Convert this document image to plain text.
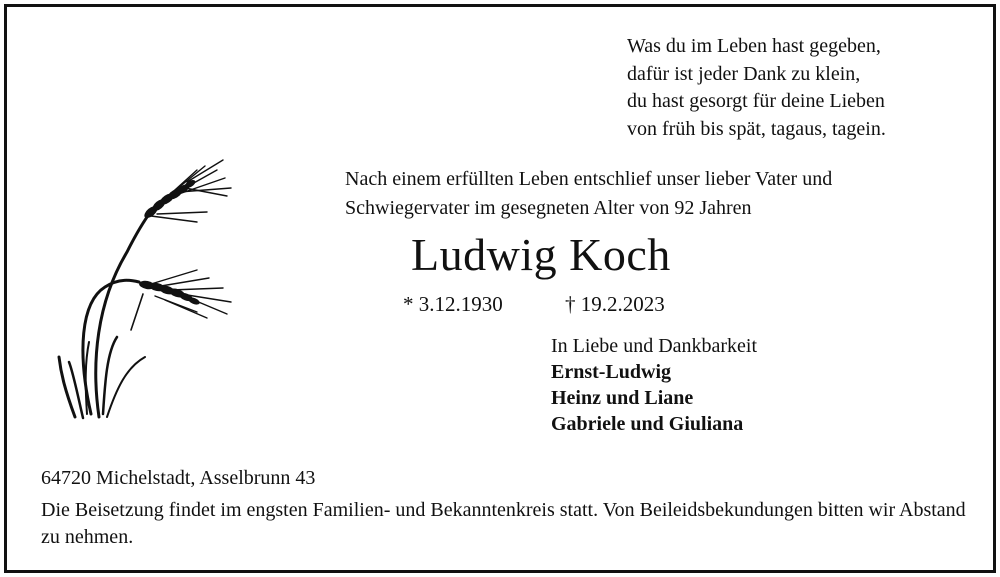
Was du im Leben hast gegeben,
dafür ist jeder Dank zu klein,
du hast gesorgt für deine Lieben
von früh bis spät, tagaus, tagein.
Nach einem erfüllten Leben entschlief unser lieber Vater und
Schwiegervater im gesegneten Alter von 92 Jahren
Ludwig Koch
* 3.12.1930	† 19.2.2023
In Liebe und Dankbarkeit
Ernst-Ludwig
Heinz und Liane
Gabriele und Giuliana
64720 Michelstadt, Asselbrunn 43
Die Beisetzung findet im engsten Familien- und Bekanntenkreis statt. Von Beileidsbekundungen bitten wir Abstand zu nehmen.
